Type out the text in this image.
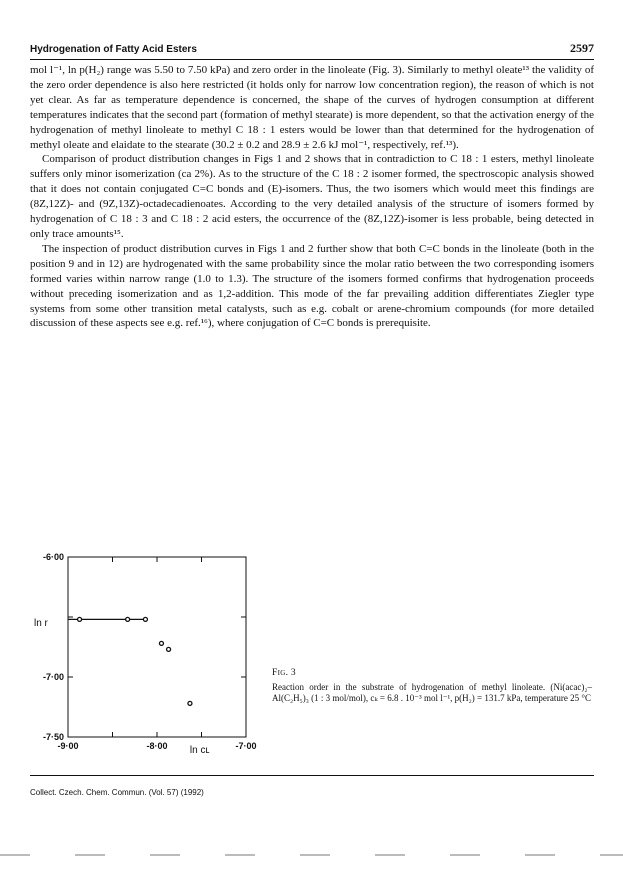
Hydrogenation of Fatty Acid Esters	2597

mol l⁻¹, ln p(H₂) range was 5.50 to 7.50 kPa) and zero order in the linoleate (Fig. 3). Similarly to methyl oleate¹³ the validity of the zero order dependence is also here restricted (it holds only for narrow low concentration region), the reason of which is not yet clear. As far as temperature dependence is concerned, the shape of the curves of hydrogen consumption at different temperatures indicates that the second part (formation of methyl stearate) is more dependent, so that the activation energy of the hydrogenation of methyl linoleate to methyl C 18 : 1 esters would be lower than that determined for the hydrogenation of methyl oleate and elaidate to the stearate (30.2 ± 0.2 and 28.9 ± 2.6 kJ mol⁻¹, respectively, ref.¹³).

Comparison of product distribution changes in Figs 1 and 2 shows that in contradiction to C 18 : 1 esters, methyl linoleate suffers only minor isomerization (ca 2%). As to the structure of the C 18 : 2 isomer formed, the spectroscopic analysis showed that it does not contain conjugated C=C bonds and (E)-isomers. Thus, the two isomers which would meet this findings are (8Z,12Z)- and (9Z,13Z)-octadecadienoates. According to the very detailed analysis of the structure of isomers formed by hydrogenation of C 18 : 3 and C 18 : 2 acid esters, the occurrence of the (8Z,12Z)-isomer is less probable, being detected in only trace amounts¹⁵.

The inspection of product distribution curves in Figs 1 and 2 further show that both C=C bonds in the linoleate (both in the position 9 and in 12) are hydrogenated with the same probability since the molar ratio between the two corresponding isomers formed varies within narrow range (1.0 to 1.3). The structure of the isomers formed confirms that hydrogenation proceeds without preceding isomerization and as 1,2-addition. This mode of the far prevailing addition differentiates Ziegler type systems from some other transition metal catalysts, such as e.g. cobalt or arene-chromium compounds (for more detailed discussion of these aspects see e.g. ref.¹⁶), where conjugation of C=C bonds is prerequisite.

-9·00	-8·00	-7·00
-6·00
-7·00
-7·50
ln r
ln cʟ
Fig. 3
Reaction order in the substrate of hydrogenation of methyl linoleate. (Ni(acac)₂–Al(C₂H₅)₃ (1 : 3 mol/mol), cₖ = 6.8 . 10⁻³ mol l⁻¹, p(H₂) = 131.7 kPa, temperature 25 °C
Collect. Czech. Chem. Commun. (Vol. 57) (1992)
